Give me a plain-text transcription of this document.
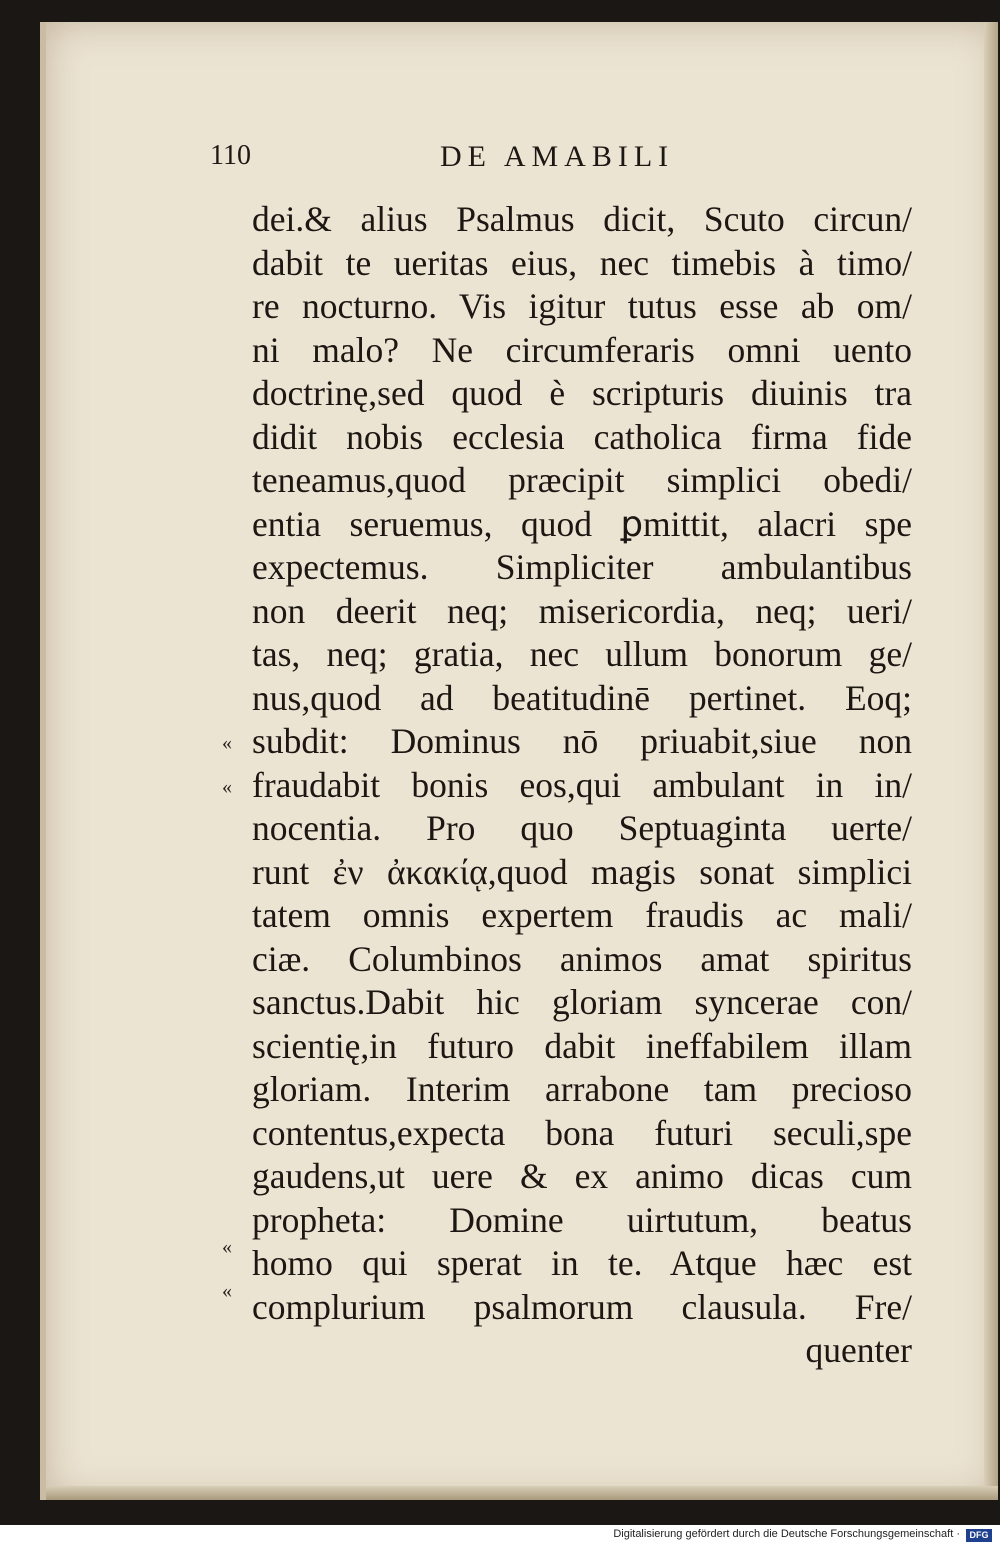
110	DE AMABILI
dei.& alius Psalmus dicit, Scuto circun/
dabit te ueritas eius, nec timebis à timo/
re nocturno. Vis igitur tutus esse ab om/
ni malo? Ne circumferaris omni uento
doctrinę,sed quod è scripturis diuinis tra
didit nobis ecclesia catholica firma fide
teneamus,quod præcipit simplici obedi/
entia seruemus, quod ꝑmittit, alacri spe
expectemus. Simpliciter ambulantibus
non deerit neq; misericordia, neq; ueri/
tas, neq; gratia, nec ullum bonorum ge/
nus,quod ad beatitudinē pertinet. Eoq;
subdit: Dominus nō priuabit,siue non
fraudabit bonis eos,qui ambulant in in/
nocentia. Pro quo Septuaginta uerte/
runt ἐν ἀκακίᾳ,quod magis sonat simplici
tatem omnis expertem fraudis ac mali/
ciæ. Columbinos animos amat spiritus
sanctus.Dabit hic gloriam syncerae con/
scientię,in futuro dabit ineffabilem illam
gloriam. Interim arrabone tam precioso
contentus,expecta bona futuri seculi,spe
gaudens,ut uere & ex animo dicas cum
propheta: Domine uirtutum, beatus
homo qui sperat in te. Atque hæc est
complurium psalmorum clausula. Fre/
quenter
«
«
«
«
Digitalisierung gefördert durch die Deutsche Forschungsgemeinschaft ·	DFG
